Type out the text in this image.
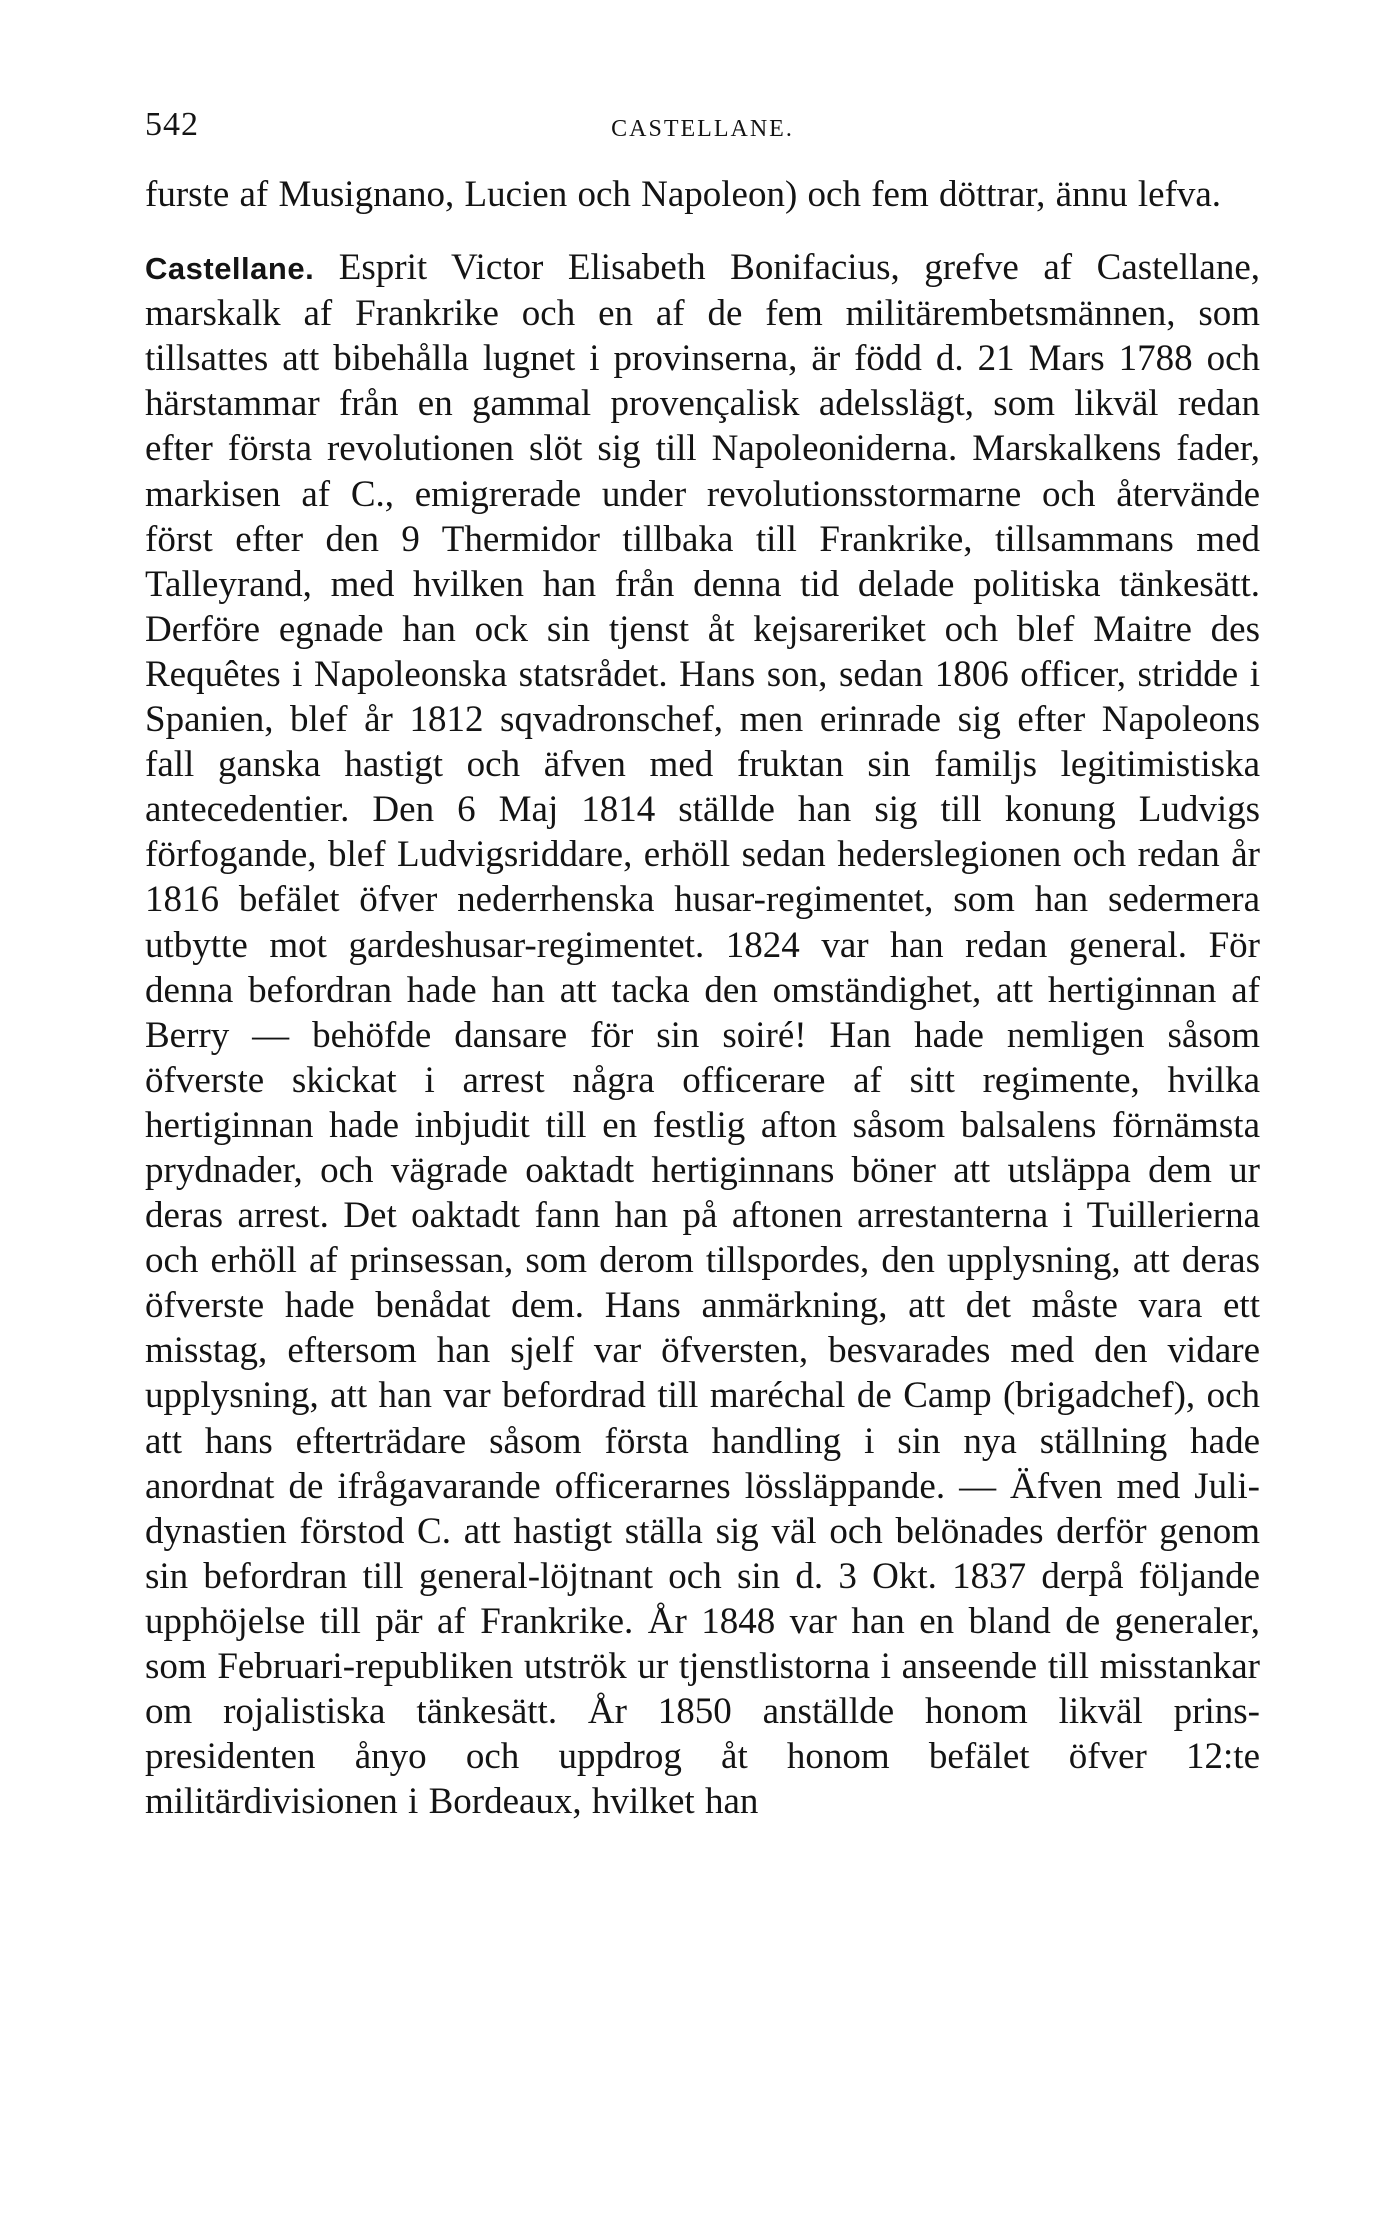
542	CASTELLANE.

furste af Musignano, Lucien och Napoleon) och fem döttrar, ännu lefva.

Castellane. Esprit Victor Elisabeth Bonifacius, grefve af Castellane, marskalk af Frankrike och en af de fem militärembetsmännen, som tillsattes att bibehålla lugnet i provinserna, är född d. 21 Mars 1788 och härstammar från en gammal provençalisk adelsslägt, som likväl redan efter första revolutionen slöt sig till Napoleoniderna. Marskalkens fader, markisen af C., emigrerade under revolutionsstormarne och återvände först efter den 9 Thermidor tillbaka till Frankrike, tillsammans med Talleyrand, med hvilken han från denna tid delade politiska tänkesätt. Derföre egnade han ock sin tjenst åt kejsareriket och blef Maitre des Requêtes i Napoleonska statsrådet. Hans son, sedan 1806 officer, stridde i Spanien, blef år 1812 sqvadronschef, men erinrade sig efter Napoleons fall ganska hastigt och äfven med fruktan sin familjs legitimistiska antecedentier. Den 6 Maj 1814 ställde han sig till konung Ludvigs förfogande, blef Ludvigsriddare, erhöll sedan hederslegionen och redan år 1816 befälet öfver nederrhenska husar-regimentet, som han sedermera utbytte mot gardeshusar-regimentet. 1824 var han redan general. För denna befordran hade han att tacka den omständighet, att hertiginnan af Berry — behöfde dansare för sin soiré! Han hade nemligen såsom öfverste skickat i arrest några officerare af sitt regimente, hvilka hertiginnan hade inbjudit till en festlig afton såsom balsalens förnämsta prydnader, och vägrade oaktadt hertiginnans böner att utsläppa dem ur deras arrest. Det oaktadt fann han på aftonen arrestanterna i Tuillerierna och erhöll af prinsessan, som derom tillspordes, den upplysning, att deras öfverste hade benådat dem. Hans anmärkning, att det måste vara ett misstag, eftersom han sjelf var öfversten, besvarades med den vidare upplysning, att han var befordrad till maréchal de Camp (brigadchef), och att hans efterträdare såsom första handling i sin nya ställning hade anordnat de ifrågavarande officerarnes lössläppande. — Äfven med Juli-dynastien förstod C. att hastigt ställa sig väl och belönades derför genom sin befordran till general-löjtnant och sin d. 3 Okt. 1837 derpå följande upphöjelse till pär af Frankrike. År 1848 var han en bland de generaler, som Februari-republiken utströk ur tjenstlistorna i anseende till misstankar om rojalistiska tänkesätt. År 1850 anställde honom likväl prins-presidenten ånyo och uppdrog åt honom befälet öfver 12:te militärdivisionen i Bordeaux, hvilket han
